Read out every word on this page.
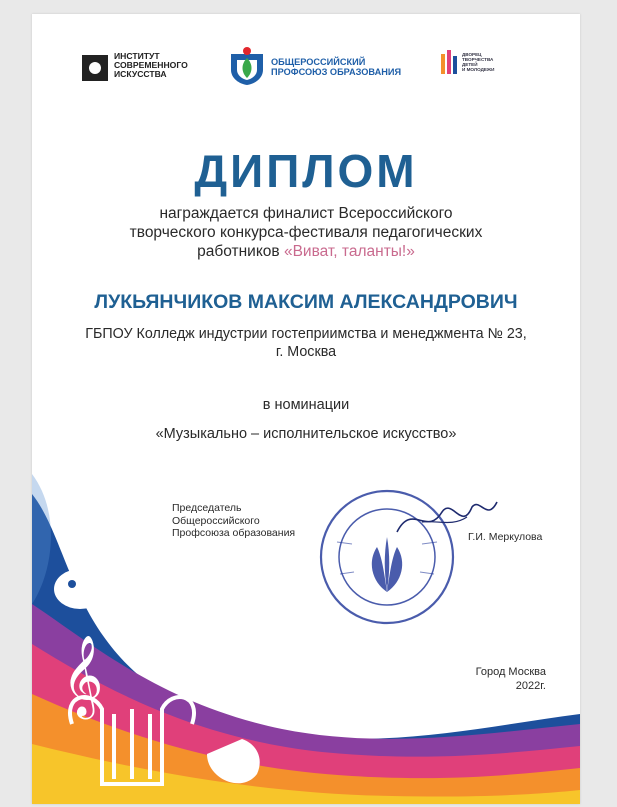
𝄞
ИНСТИТУТ
СОВРЕМЕННОГО
ИСКУССТВА
ОБЩЕРОССИЙСКИЙ
ПРОФСОЮЗ ОБРАЗОВАНИЯ
ДВОРЕЦ
ТВОРЧЕСТВА
ДЕТЕЙ
И МОЛОДЕЖИ
ДИПЛОМ
награждается финалист Всероссийского
творческого конкурса-фестиваля педагогических
работников «Виват, таланты!»
ЛУКЬЯНЧИКОВ МАКСИМ АЛЕКСАНДРОВИЧ
ГБПОУ Колледж индустрии гостеприимства и менеджмента № 23,
г. Москва
в номинации
«Музыкально – исполнительское искусство»
Председатель
Общероссийского
Профсоюза образования	Г.И. Меркулова
Город Москва
2022г.
